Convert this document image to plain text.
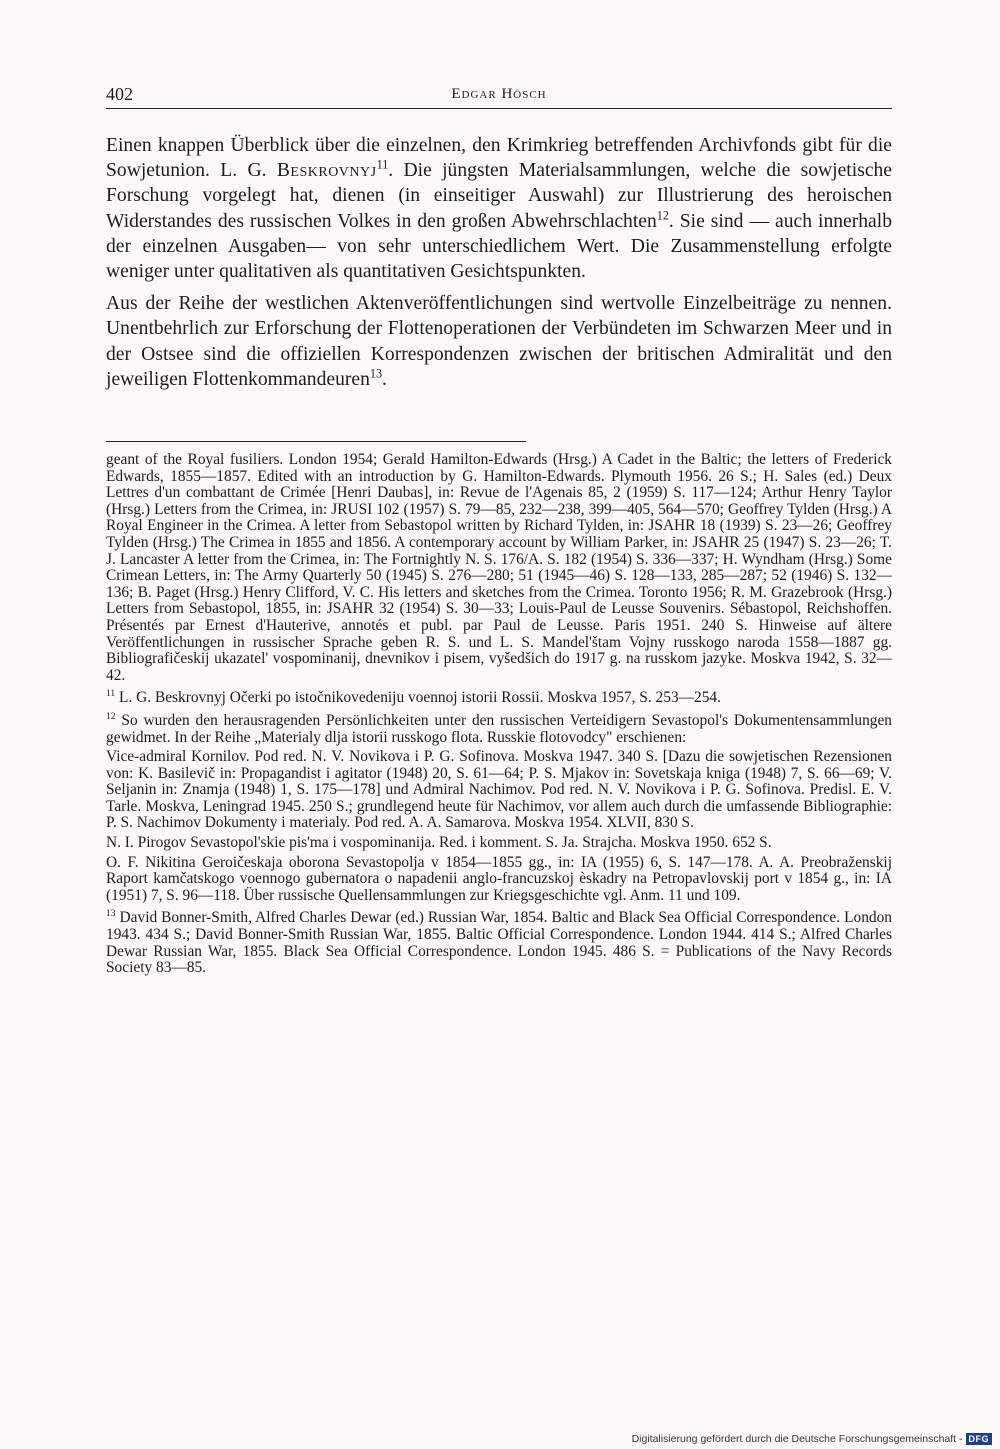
402	Edgar Hösch

Einen knappen Überblick über die einzelnen, den Krimkrieg betreffenden Archivfonds gibt für die Sowjetunion. L. G. Beskrovnyj$^{11}$. Die jüngsten Materialsammlungen, welche die sowjetische Forschung vorgelegt hat, dienen (in einseitiger Auswahl) zur Illustrierung des heroischen Widerstandes des russischen Volkes in den großen Abwehrschlachten$^{12}$. Sie sind — auch innerhalb der einzelnen Ausgaben— von sehr unterschiedlichem Wert. Die Zusammenstellung erfolgte weniger unter qualitativen als quantitativen Gesichtspunkten.

Aus der Reihe der westlichen Aktenveröffentlichungen sind wertvolle Einzelbeiträge zu nennen. Unentbehrlich zur Erforschung der Flottenoperationen der Verbündeten im Schwarzen Meer und in der Ostsee sind die offiziellen Korrespondenzen zwischen der britischen Admiralität und den jeweiligen Flottenkommandeuren$^{13}$.

geant of the Royal fusiliers. London 1954; Gerald Hamilton-Edwards (Hrsg.) A Cadet in the Baltic; the letters of Frederick Edwards, 1855—1857. Edited with an introduction by G. Hamilton-Edwards. Plymouth 1956. 26 S.; H. Sales (ed.) Deux Lettres d'un combattant de Crimée [Henri Daubas], in: Revue de l'Agenais 85, 2 (1959) S. 117—124; Arthur Henry Taylor (Hrsg.) Letters from the Crimea, in: JRUSI 102 (1957) S. 79—85, 232—238, 399—405, 564—570; Geoffrey Tylden (Hrsg.) A Royal Engineer in the Crimea. A letter from Sebastopol written by Richard Tylden, in: JSAHR 18 (1939) S. 23—26; Geoffrey Tylden (Hrsg.) The Crimea in 1855 and 1856. A contemporary account by William Parker, in: JSAHR 25 (1947) S. 23—26; T. J. Lancaster A letter from the Crimea, in: The Fortnightly N. S. 176/A. S. 182 (1954) S. 336—337; H. Wyndham (Hrsg.) Some Crimean Letters, in: The Army Quarterly 50 (1945) S. 276—280; 51 (1945—46) S. 128—133, 285—287; 52 (1946) S. 132—136; B. Paget (Hrsg.) Henry Clifford, V. C. His letters and sketches from the Crimea. Toronto 1956; R. M. Grazebrook (Hrsg.) Letters from Sebastopol, 1855, in: JSAHR 32 (1954) S. 30—33; Louis-Paul de Leusse Souvenirs. Sébastopol, Reichshoffen. Présentés par Ernest d'Hauterive, annotés et publ. par Paul de Leusse. Paris 1951. 240 S. Hinweise auf ältere Veröffentlichungen in russischer Sprache geben R. S. und L. S. Mandel'štam Vojny russkogo naroda 1558—1887 gg. Bibliografičeskij ukazatel' vospominanij, dnevnikov i pisem, vyšedšich do 1917 g. na russkom jazyke. Moskva 1942, S. 32—42.

$^{11}$ L. G. Beskrovnyj Očerki po istočnikovedeniju voennoj istorii Rossii. Moskva 1957, S. 253—254.

$^{12}$ So wurden den herausragenden Persönlichkeiten unter den russischen Verteidigern Sevastopol's Dokumentensammlungen gewidmet. In der Reihe „Materialy dlja istorii russkogo flota. Russkie flotovodcy" erschienen:

Vice-admiral Kornilov. Pod red. N. V. Novikova i P. G. Sofinova. Moskva 1947. 340 S. [Dazu die sowjetischen Rezensionen von: K. Basilevič in: Propagandist i agitator (1948) 20, S. 61—64; P. S. Mjakov in: Sovetskaja kniga (1948) 7, S. 66—69; V. Seljanin in: Znamja (1948) 1, S. 175—178] und Admiral Nachimov. Pod red. N. V. Novikova i P. G. Sofinova. Predisl. E. V. Tarle. Moskva, Leningrad 1945. 250 S.; grundlegend heute für Nachimov, vor allem auch durch die umfassende Bibliographie: P. S. Nachimov Dokumenty i materialy. Pod red. A. A. Samarova. Moskva 1954. XLVII, 830 S.

N. I. Pirogov Sevastopol'skie pis'ma i vospominanija. Red. i komment. S. Ja. Strajcha. Moskva 1950. 652 S.

O. F. Nikitina Geroičeskaja oborona Sevastopolja v 1854—1855 gg., in: IA (1955) 6, S. 147—178. A. A. Preobraženskij Raport kamčatskogo voennogo gubernatora o napadenii anglo-francuzskoj èskadry na Petropavlovskij port v 1854 g., in: IA (1951) 7, S. 96—118. Über russische Quellensammlungen zur Kriegsgeschichte vgl. Anm. 11 und 109.

$^{13}$ David Bonner-Smith, Alfred Charles Dewar (ed.) Russian War, 1854. Baltic and Black Sea Official Correspondence. London 1943. 434 S.; David Bonner-Smith Russian War, 1855. Baltic Official Correspondence. London 1944. 414 S.; Alfred Charles Dewar Russian War, 1855. Black Sea Official Correspondence. London 1945. 486 S. = Publications of the Navy Records Society 83—85.

Digitalisierung gefördert durch die Deutsche Forschungsgemeinschaft - DFG
